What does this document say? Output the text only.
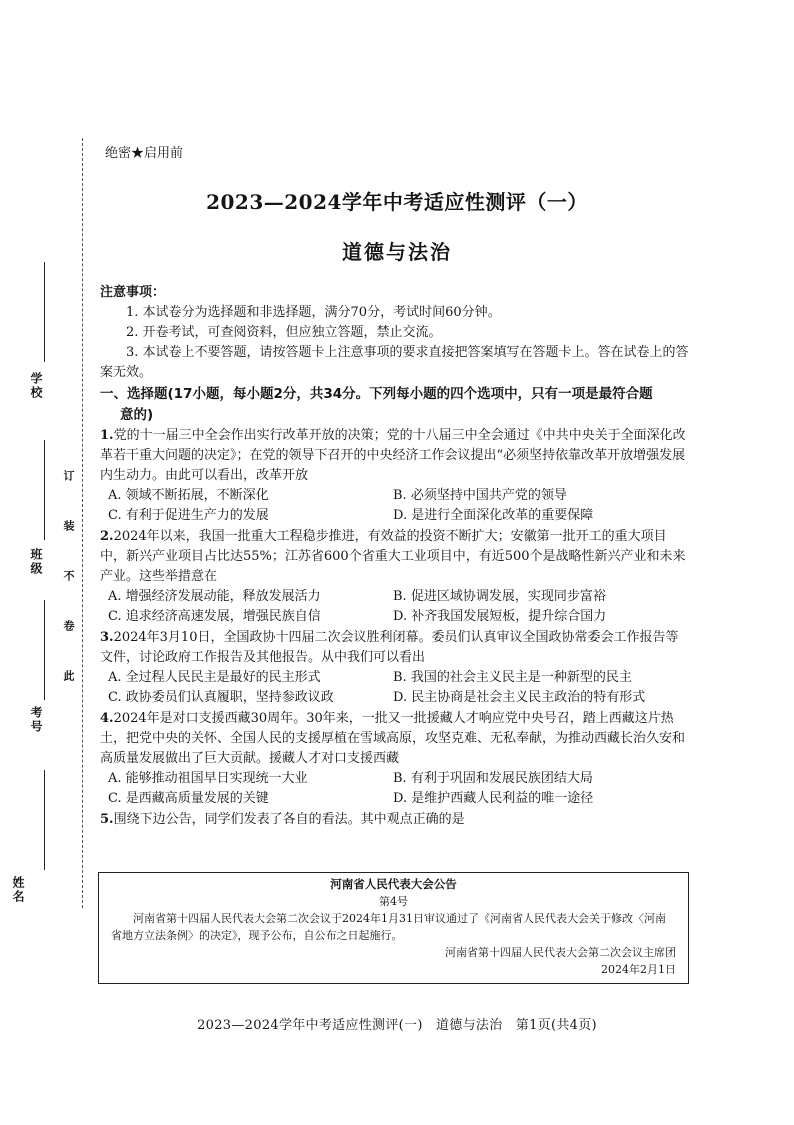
学校
班级
考号
姓名
订
装
不
卷
此
绝密★启用前
2023—2024学年中考适应性测评（一）
道德与法治
注意事项：
1. 本试卷分为选择题和非选择题，满分70分，考试时间60分钟。
2. 开卷考试，可查阅资料，但应独立答题，禁止交流。
3. 本试卷上不要答题，请按答题卡上注意事项的要求直接把答案填写在答题卡上。答在试卷上的答案无效。
一、选择题(17小题，每小题2分，共34分。下列每小题的四个选项中，只有一项是最符合题
意的)
1.党的十一届三中全会作出实行改革开放的决策；党的十八届三中全会通过《中共中央关于全面深化改革若干重大问题的决定》；在党的领导下召开的中央经济工作会议提出“必须坚持依靠改革开放增强发展内生动力。由此可以看出，改革开放
A. 领域不断拓展，不断深化	B. 必须坚持中国共产党的领导
C. 有利于促进生产力的发展	D. 是进行全面深化改革的重要保障
2.2024年以来，我国一批重大工程稳步推进，有效益的投资不断扩大；安徽第一批开工的重大项目中，新兴产业项目占比达55%；江苏省600个省重大工业项目中，有近500个是战略性新兴产业和未来产业。这些举措意在
A. 增强经济发展动能，释放发展活力	B. 促进区域协调发展，实现同步富裕
C. 追求经济高速发展，增强民族自信	D. 补齐我国发展短板，提升综合国力
3.2024年3月10日，全国政协十四届二次会议胜利闭幕。委员们认真审议全国政协常委会工作报告等文件，讨论政府工作报告及其他报告。从中我们可以看出
A. 全过程人民民主是最好的民主形式	B. 我国的社会主义民主是一种新型的民主
C. 政协委员们认真履职，坚持参政议政	D. 民主协商是社会主义民主政治的特有形式
4.2024年是对口支援西藏30周年。30年来，一批又一批援藏人才响应党中央号召，踏上西藏这片热土，把党中央的关怀、全国人民的支援厚植在雪域高原，攻坚克难、无私奉献，为推动西藏长治久安和高质量发展做出了巨大贡献。援藏人才对口支援西藏
A. 能够推动祖国早日实现统一大业	B. 有利于巩固和发展民族团结大局
C. 是西藏高质量发展的关键	D. 是维护西藏人民利益的唯一途径
5.围绕下边公告，同学们发表了各自的看法。其中观点正确的是
河南省人民代表大会公告
第4号
河南省第十四届人民代表大会第二次会议于2024年1月31日审议通过了《河南省人民代表大会关于修改〈河南省地方立法条例〉的决定》，现予公布，自公布之日起施行。
河南省第十四届人民代表大会第二次会议主席团
2024年2月1日
2023—2024学年中考适应性测评(一)　道德与法治　第1页(共4页)
